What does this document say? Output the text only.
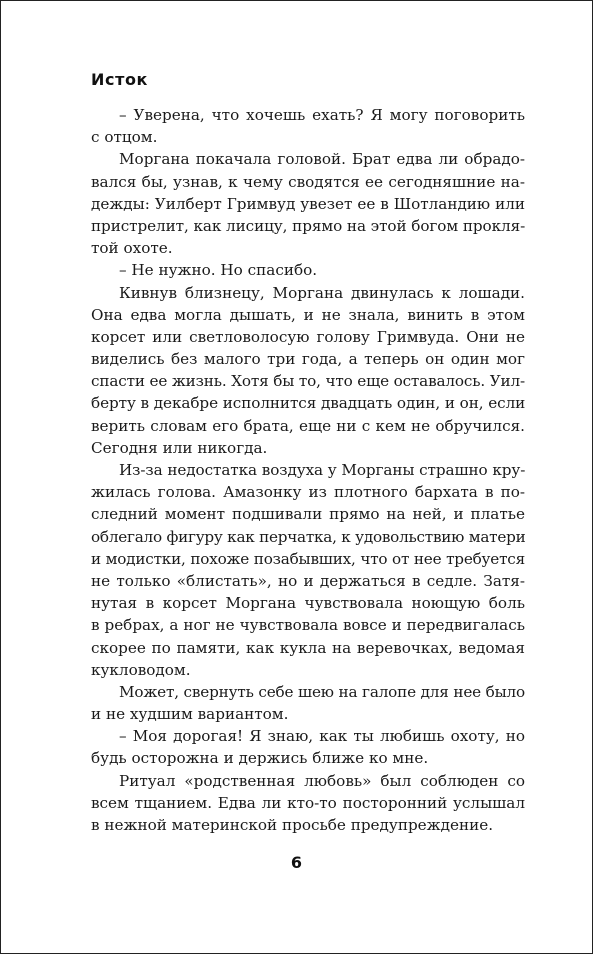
Исток
– Уверена, что хочешь ехать? Я могу поговорить
с отцом.
Моргана покачала головой. Брат едва ли обрадо-
вался бы, узнав, к чему сводятся ее сегодняшние на-
дежды: Уилберт Гримвуд увезет ее в Шотландию или
пристрелит, как лисицу, прямо на этой богом прокля-
той охоте.
– Не нужно. Но спасибо.
Кивнув близнецу, Моргана двинулась к лошади.
Она едва могла дышать, и не знала, винить в этом
корсет или светловолосую голову Гримвуда. Они не
виделись без малого три года, а теперь он один мог
спасти ее жизнь. Хотя бы то, что еще оставалось. Уил-
берту в декабре исполнится двадцать один, и он, если
верить словам его брата, еще ни с кем не обручился.
Сегодня или никогда.
Из-за недостатка воздуха у Морганы страшно кру-
жилась голова. Амазонку из плотного бархата в по-
следний момент подшивали прямо на ней, и платье
облегало фигуру как перчатка, к удовольствию матери
и модистки, похоже позабывших, что от нее требуется
не только «блистать», но и держаться в седле. Затя-
нутая в корсет Моргана чувствовала ноющую боль
в ребрах, а ног не чувствовала вовсе и передвигалась
скорее по памяти, как кукла на веревочках, ведомая
кукловодом.
Может, свернуть себе шею на галопе для нее было
и не худшим вариантом.
– Моя дорогая! Я знаю, как ты любишь охоту, но
будь осторожна и держись ближе ко мне.
Ритуал «родственная любовь» был соблюден со
всем тщанием. Едва ли кто-то посторонний услышал
в нежной материнской просьбе предупреждение.
6
